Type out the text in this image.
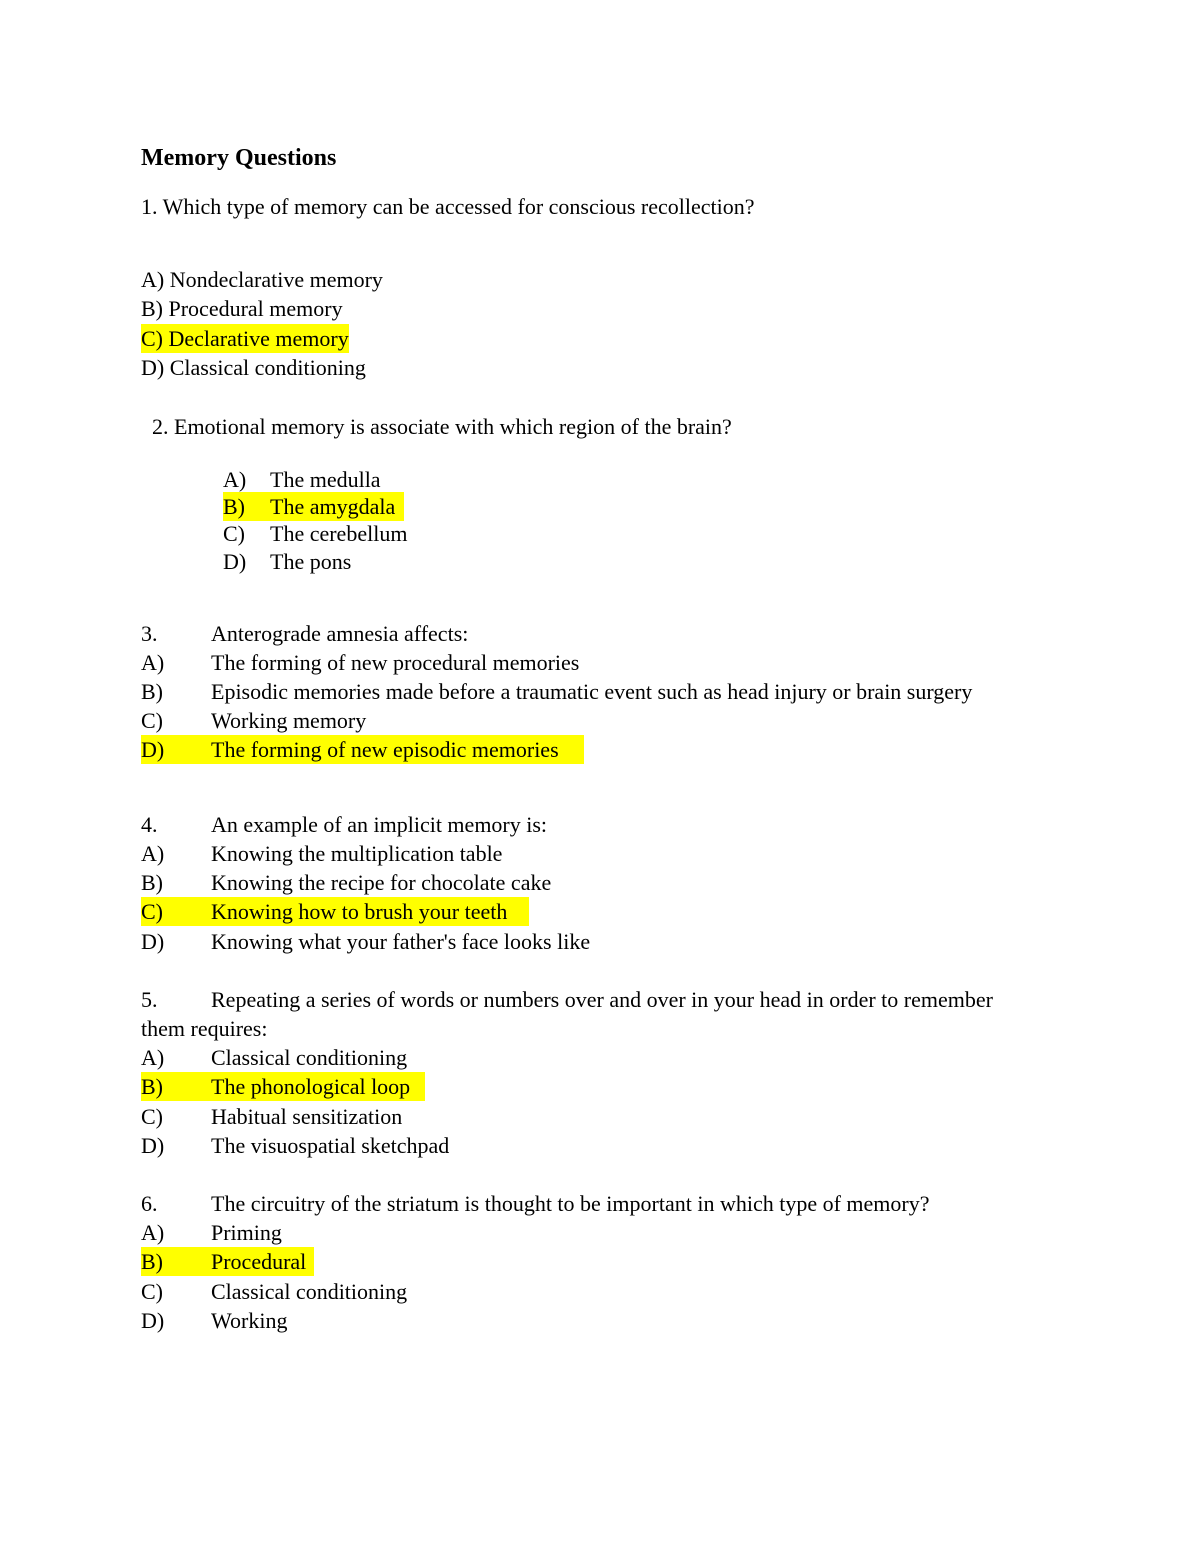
Memory Questions
1. Which type of memory can be accessed for conscious recollection?
A) Nondeclarative memory
B) Procedural memory
C) Declarative memory
D) Classical conditioning
2. Emotional memory is associate with which region of the brain?
A) The medulla
B)	The amygdala
C) The cerebellum
D) The pons
3. Anterograde amnesia affects:
A) The forming of new procedural memories
B) Episodic memories made before a traumatic event such as head injury or brain surgery
C) Working memory
D)	The forming of new episodic memories
4. An example of an implicit memory is:
A) Knowing the multiplication table
B) Knowing the recipe for chocolate cake
C)	Knowing how to brush your teeth
D) Knowing what your father's face looks like
5. Repeating a series of words or numbers over and over in your head in order to remember
them requires:
A) Classical conditioning
B)	The phonological loop
C) Habitual sensitization
D) The visuospatial sketchpad
6. The circuitry of the striatum is thought to be important in which type of memory?
A) Priming
B)	Procedural
C) Classical conditioning
D) Working
